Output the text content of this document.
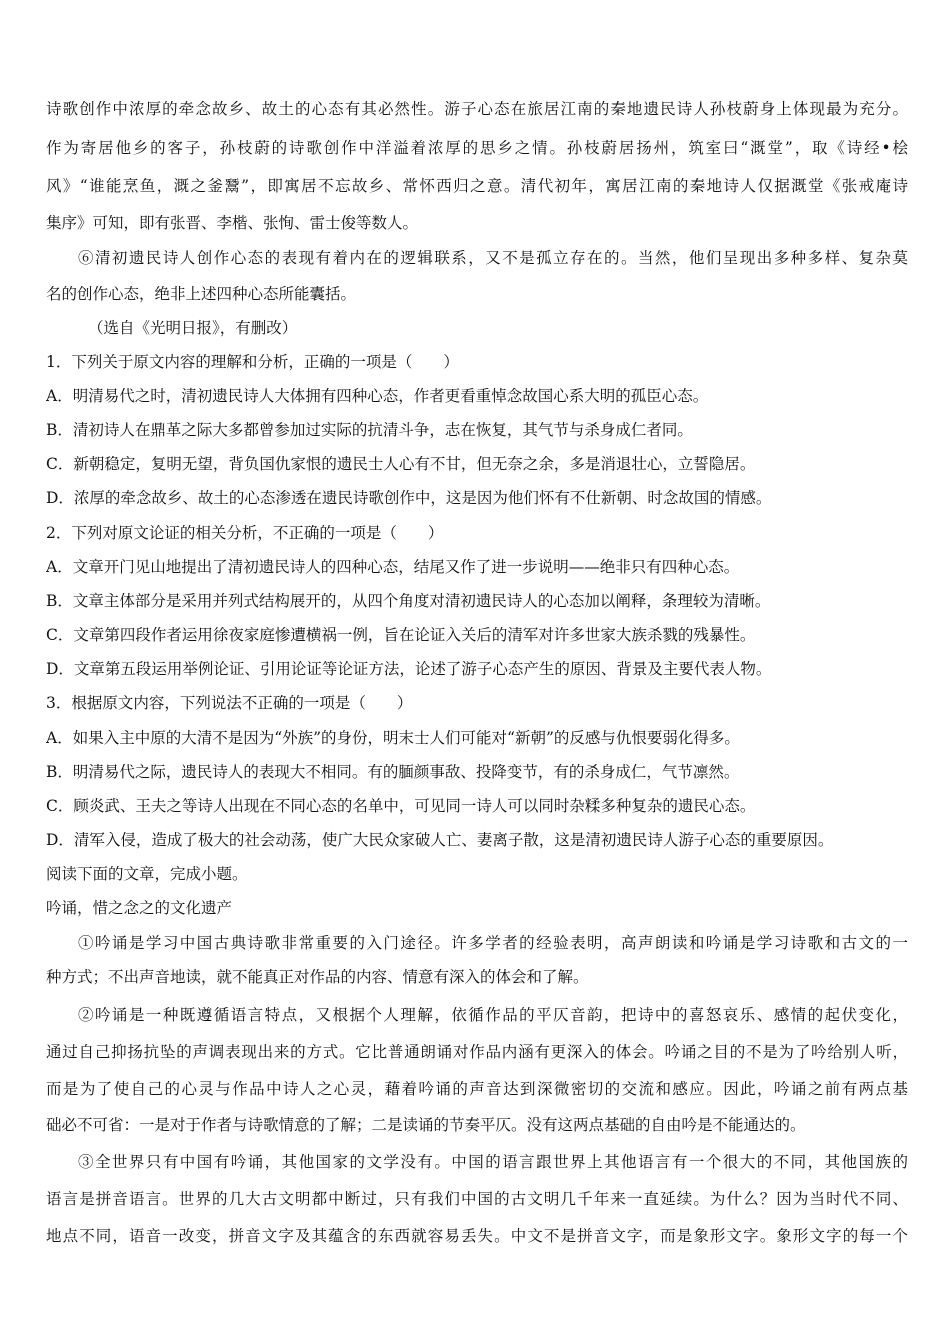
诗歌创作中浓厚的牵念故乡、故土的心态有其必然性。游子心态在旅居江南的秦地遗民诗人孙枝蔚身上体现最为充分。
作为寄居他乡的客子，孙枝蔚的诗歌创作中洋溢着浓厚的思乡之情。孙枝蔚居扬州，筑室曰“溉堂”，取《诗经•桧
风》“谁能烹鱼，溉之釜鬵”，即寓居不忘故乡、常怀西归之意。清代初年，寓居江南的秦地诗人仅据溉堂《张戒庵诗
集序》可知，即有张晋、李楷、张恂、雷士俊等数人。
⑥清初遗民诗人创作心态的表现有着内在的逻辑联系，又不是孤立存在的。当然，他们呈现出多种多样、复杂莫
名的创作心态，绝非上述四种心态所能囊括。
（选自《光明日报》，有删改）
1．下列关于原文内容的理解和分析，正确的一项是（　　）
A．明清易代之时，清初遗民诗人大体拥有四种心态，作者更看重悼念故国心系大明的孤臣心态。
B．清初诗人在鼎革之际大多都曾参加过实际的抗清斗争，志在恢复，其气节与杀身成仁者同。
C．新朝稳定，复明无望，背负国仇家恨的遗民士人心有不甘，但无奈之余，多是消退壮心，立誓隐居。
D．浓厚的牵念故乡、故土的心态渗透在遗民诗歌创作中，这是因为他们怀有不仕新朝、时念故国的情感。
2．下列对原文论证的相关分析，不正确的一项是（　　）
A．文章开门见山地提出了清初遗民诗人的四种心态，结尾又作了进一步说明——绝非只有四种心态。
B．文章主体部分是采用并列式结构展开的，从四个角度对清初遗民诗人的心态加以阐释，条理较为清晰。
C．文章第四段作者运用徐夜家庭惨遭横祸一例，旨在论证入关后的清军对许多世家大族杀戮的残暴性。
D．文章第五段运用举例论证、引用论证等论证方法，论述了游子心态产生的原因、背景及主要代表人物。
3．根据原文内容，下列说法不正确的一项是（　　）
A．如果入主中原的大清不是因为“外族”的身份，明末士人们可能对“新朝”的反感与仇恨要弱化得多。
B．明清易代之际，遗民诗人的表现大不相同。有的腼颜事敌、投降变节，有的杀身成仁，气节凛然。
C．顾炎武、王夫之等诗人出现在不同心态的名单中，可见同一诗人可以同时杂糅多种复杂的遗民心态。
D．清军入侵，造成了极大的社会动荡，使广大民众家破人亡、妻离子散，这是清初遗民诗人游子心态的重要原因。
阅读下面的文章，完成小题。
吟诵，惜之念之的文化遗产
①吟诵是学习中国古典诗歌非常重要的入门途径。许多学者的经验表明，高声朗读和吟诵是学习诗歌和古文的一
种方式；不出声音地读，就不能真正对作品的内容、情意有深入的体会和了解。
②吟诵是一种既遵循语言特点，又根据个人理解，依循作品的平仄音韵，把诗中的喜怒哀乐、感情的起伏变化，
通过自己抑扬抗坠的声调表现出来的方式。它比普通朗诵对作品内涵有更深入的体会。吟诵之目的不是为了吟给别人听，
而是为了使自己的心灵与作品中诗人之心灵，藉着吟诵的声音达到深微密切的交流和感应。因此，吟诵之前有两点基
础必不可省：一是对于作者与诗歌情意的了解；二是读诵的节奏平仄。没有这两点基础的自由吟是不能通达的。
③全世界只有中国有吟诵，其他国家的文学没有。中国的语言跟世界上其他语言有一个很大的不同，其他国族的
语言是拼音语言。世界的几大古文明都中断过，只有我们中国的古文明几千年来一直延续。为什么？因为当时代不同、
地点不同，语音一改变，拼音文字及其蕴含的东西就容易丢失。中文不是拼音文字，而是象形文字。象形文字的每一个
